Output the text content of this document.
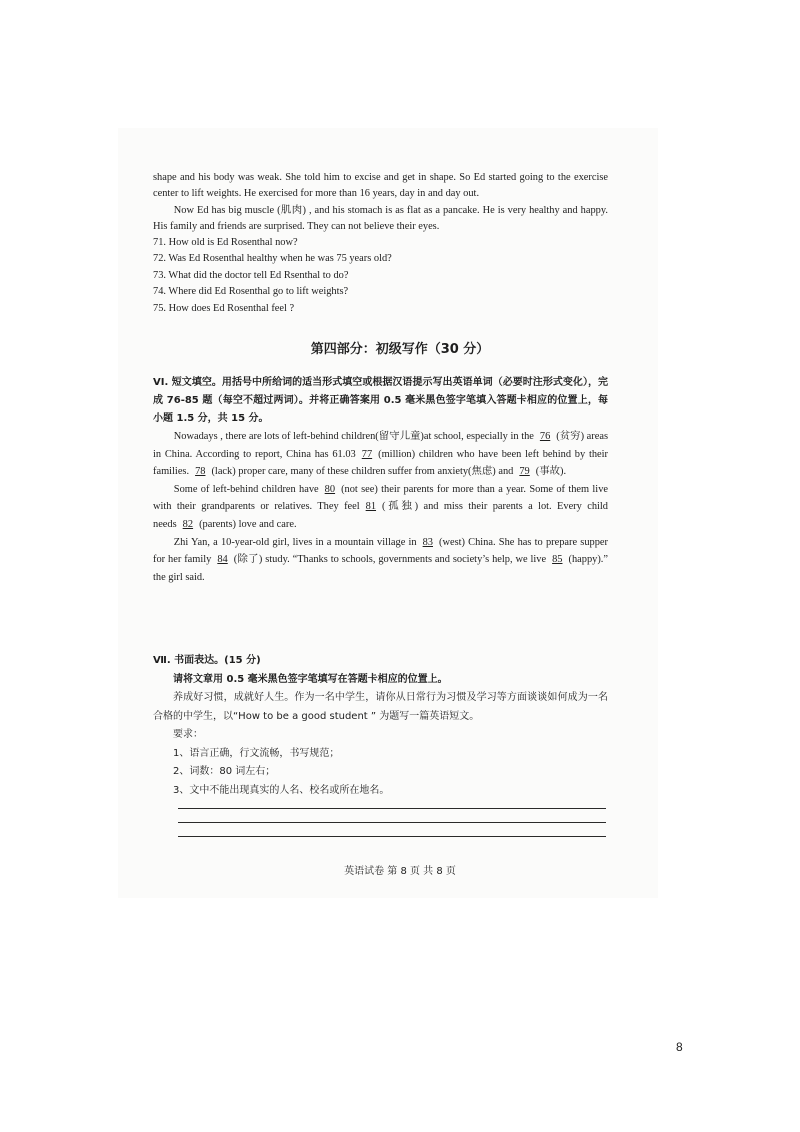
shape and his body was weak. She told him to excise and get in shape. So Ed started going to the exercise center to lift weights. He exercised for more than 16 years, day in and day out.

Now Ed has big muscle (肌肉) , and his stomach is as flat as a pancake. He is very healthy and happy. His family and friends are surprised. They can not believe their eyes.

71. How old is Ed Rosenthal now?

72. Was Ed Rosenthal healthy when he was 75 years old?

73. What did the doctor tell Ed Rsenthal to do?

74. Where did Ed Rosenthal go to lift weights?

75. How does Ed Rosenthal feel ?

第四部分：初级写作（30 分）

VI. 短文填空。用括号中所给词的适当形式填空或根据汉语提示写出英语单词（必要时注形式变化），完成 76-85 题（每空不超过两词）。并将正确答案用 0.5 毫米黑色签字笔填入答题卡相应的位置上，每小题 1.5 分，共 15 分。

Nowadays , there are lots of left-behind children(留守儿童)at school, especially in the 76 (贫穷) areas in China. According to report, China has 61.03 77 (million) children who have been left behind by their families. 78 (lack) proper care, many of these children suffer from anxiety(焦虑) and 79 (事故).

Some of left-behind children have 80 (not see) their parents for more than a year. Some of them live with their grandparents or relatives. They feel 81 (孤独) and miss their parents a lot. Every child needs 82 (parents) love and care.

Zhi Yan, a 10-year-old girl, lives in a mountain village in 83 (west) China. She has to prepare supper for her family 84 (除了) study. “Thanks to schools, governments and society’s help, we live 85 (happy).” the girl said.

Ⅶ. 书面表达。(15 分)

请将文章用 0.5 毫米黑色签字笔填写在答题卡相应的位置上。

养成好习惯，成就好人生。作为一名中学生，请你从日常行为习惯及学习等方面谈谈如何成为一名合格的中学生，以“How to be a good student ” 为题写一篇英语短文。

要求：

1、语言正确，行文流畅，书写规范；

2、词数：80 词左右；

3、文中不能出现真实的人名、校名或所在地名。

英语试卷 第 8 页 共 8 页
8
